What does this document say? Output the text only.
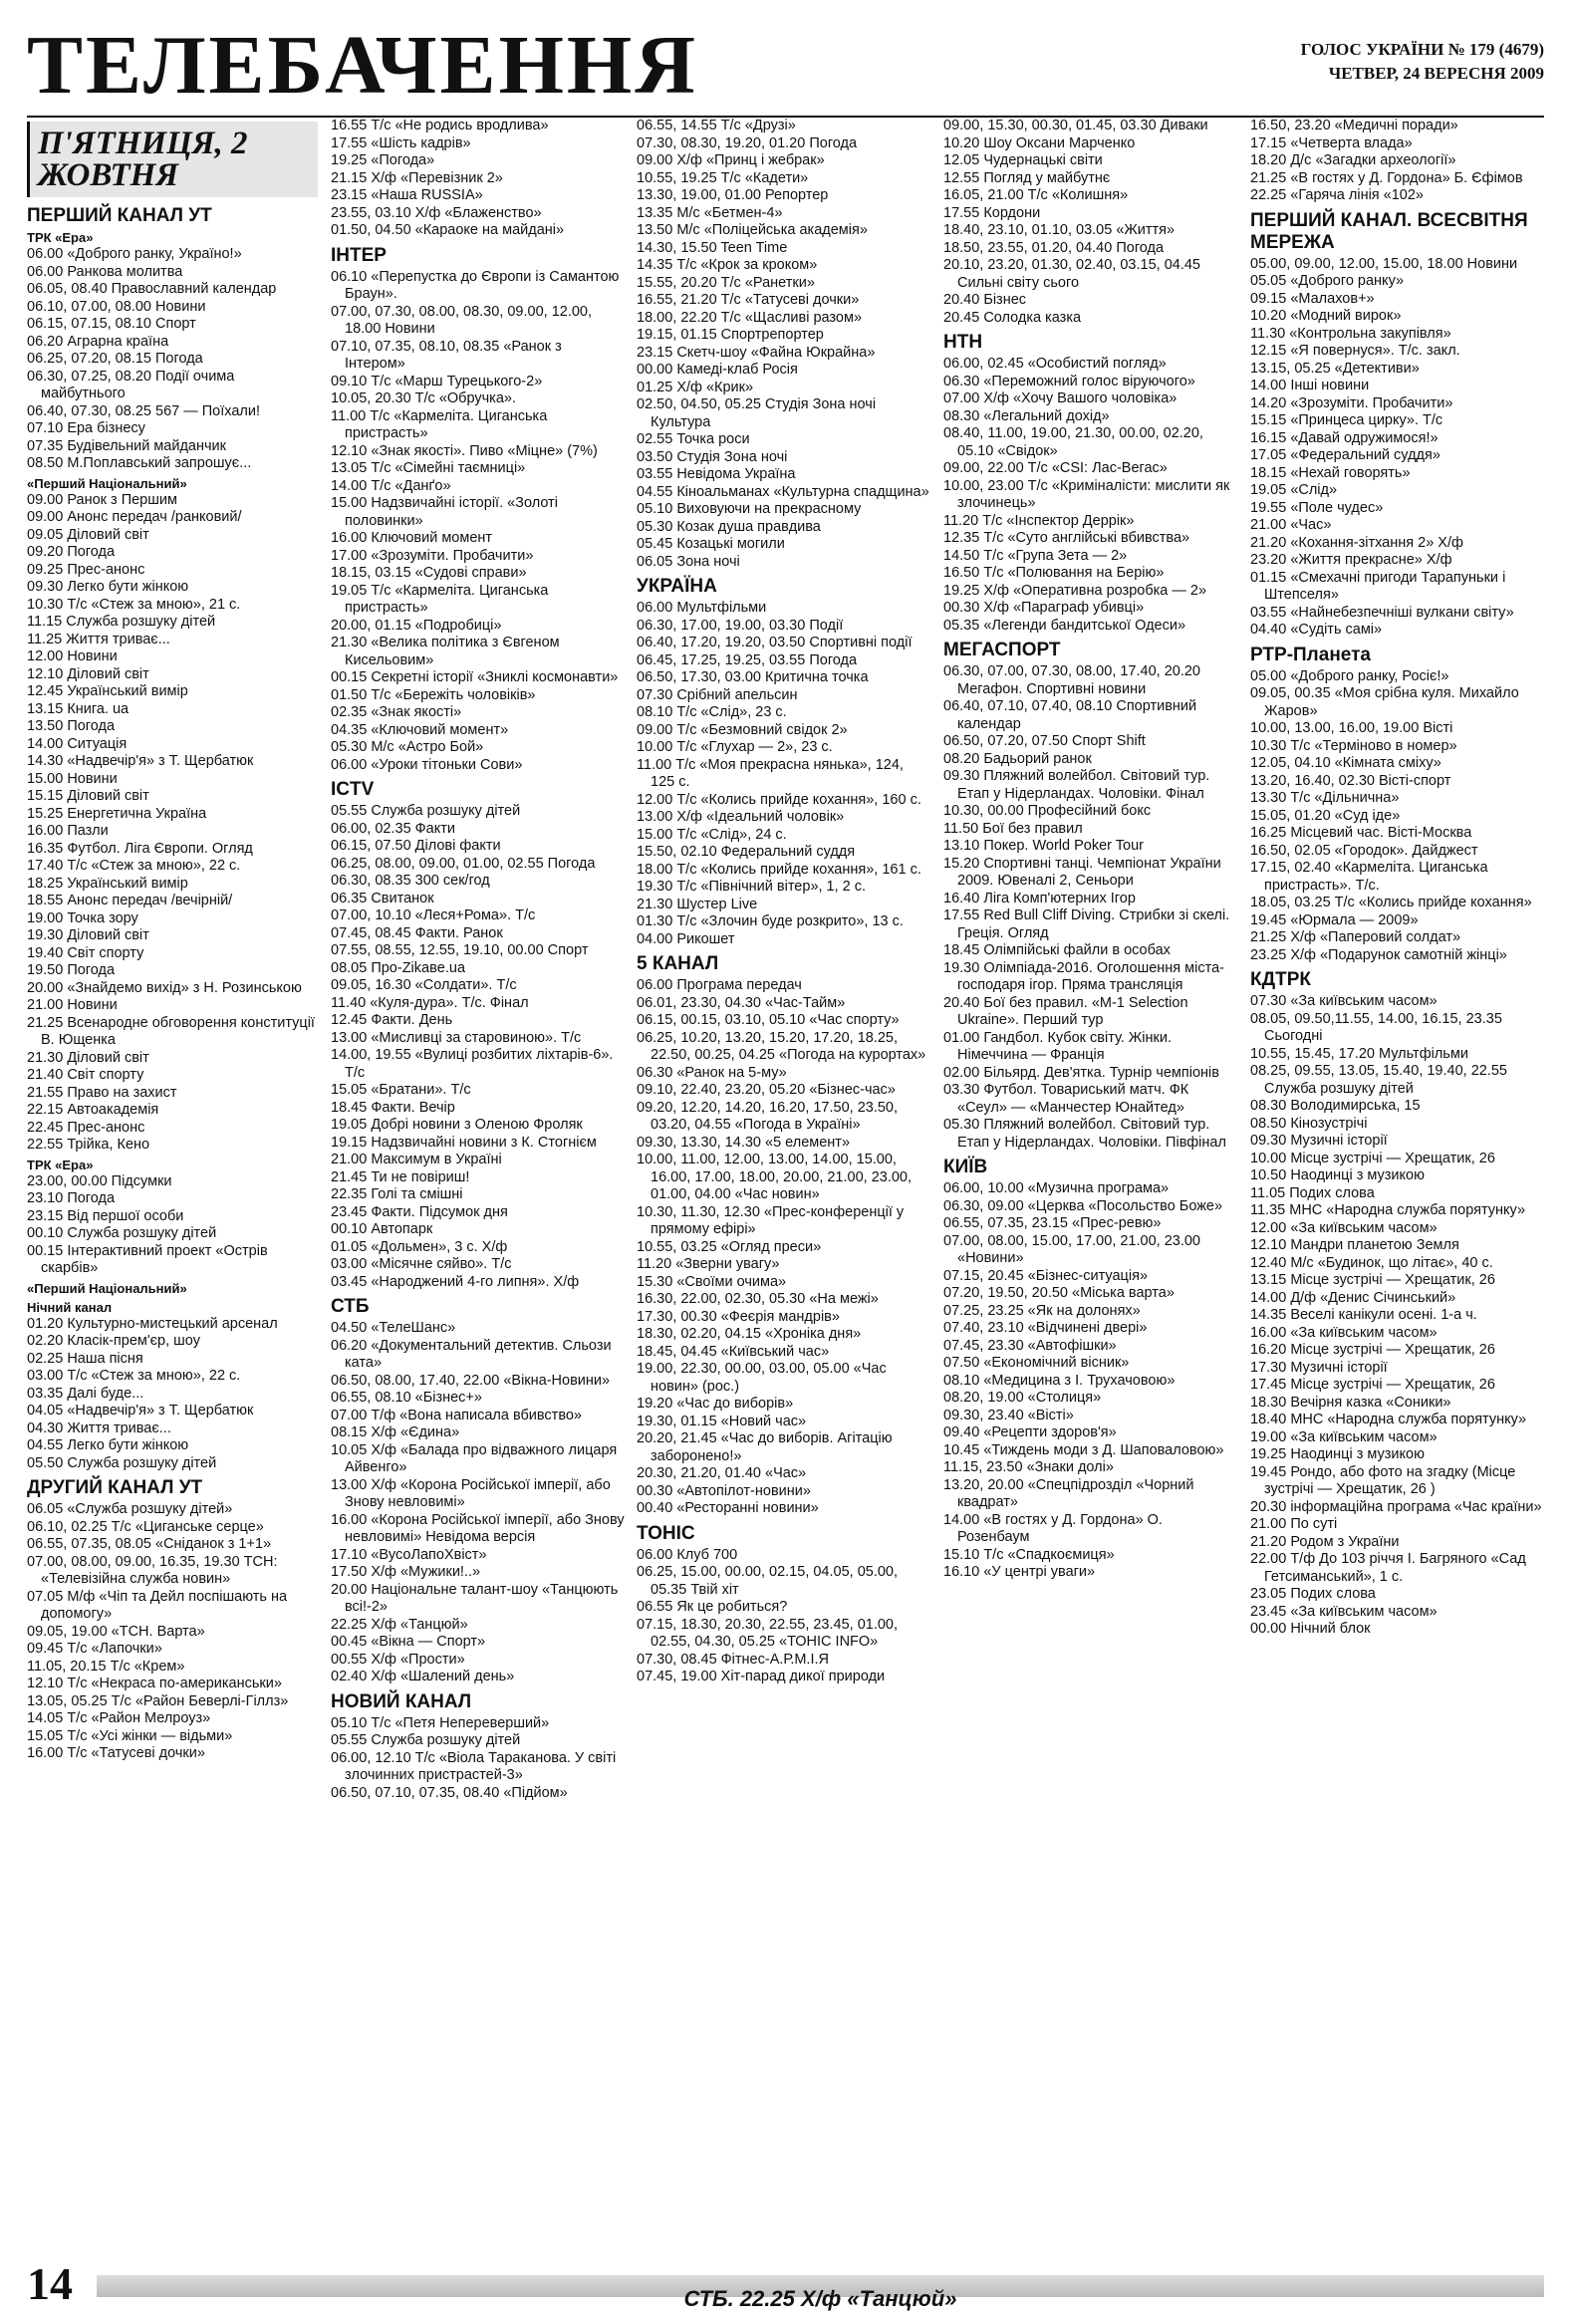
ТЕЛЕБАЧЕННЯ	ГОЛОС УКРАЇНИ № 179 (4679)
ЧЕТВЕР, 24 ВЕРЕСНЯ 2009
П'ЯТНИЦЯ, 2 ЖОВТНЯ
ПЕРШИЙ КАНАЛ УТ
ТРК «Ера»
06.00 «Доброго ранку, Україно!»
06.00 Ранкова молитва
06.05, 08.40 Православний календар
06.10, 07.00, 08.00 Новини
06.15, 07.15, 08.10 Спорт
06.20 Аграрна країна
06.25, 07.20, 08.15 Погода
06.30, 07.25, 08.20 Події очима майбутнього
06.40, 07.30, 08.25 567 — Поїхали!
07.10 Ера бізнесу
07.35 Будівельний майданчик
08.50 М.Поплавський запрошує...
«Перший Національний»
09.00 Ранок з Першим
09.00 Анонс передач /ранковий/
09.05 Діловий світ
09.20 Погода
09.25 Прес-анонс
09.30 Легко бути жінкою
10.30 Т/с «Стеж за мною», 21 с.
11.15 Служба розшуку дітей
11.25 Життя триває...
12.00 Новини
12.10 Діловий світ
12.45 Український вимір
13.15 Книга. ua
13.50 Погода
14.00 Ситуація
14.30 «Надвечір'я» з Т. Щербатюк
15.00 Новини
15.15 Діловий світ
15.25 Енергетична Україна
16.00 Пазли
16.35 Футбол. Ліга Європи. Огляд
17.40 Т/с «Стеж за мною», 22 с.
18.25 Український вимір
18.55 Анонс передач /вечірній/
19.00 Точка зору
19.30 Діловий світ
19.40 Світ спорту
19.50 Погода
20.00 «Знайдемо вихід» з Н. Розинською
21.00 Новини
21.25 Всенародне обговорення конституції В. Ющенка
21.30 Діловий світ
21.40 Світ спорту
21.55 Право на захист
22.15 Автоакадемія
22.45 Прес-анонс
22.55 Трійка, Кено
ТРК «Ера»
23.00, 00.00 Підсумки
23.10 Погода
23.15 Від першої особи
00.10 Служба розшуку дітей
00.15 Інтерактивний проект «Острів скарбів»
«Перший Національний»
Нічний канал
01.20 Культурно-мистецький арсенал
02.20 Класік-прем'єр, шоу
02.25 Наша пісня
03.00 Т/с «Стеж за мною», 22 с.
03.35 Далі буде...
04.05 «Надвечір'я» з Т. Щербатюк
04.30 Життя триває...
04.55 Легко бути жінкою
05.50 Служба розшуку дітей
ДРУГИЙ КАНАЛ УТ
06.05 «Служба розшуку дітей»
06.10, 02.25 Т/с «Циганське серце»
06.55, 07.35, 08.05 «Сніданок з 1+1»
07.00, 08.00, 09.00, 16.35, 19.30 ТСН: «Телевізійна служба новин»
07.05 М/ф «Чіп та Дейл поспішають на допомогу»
09.05, 19.00 «ТСН. Варта»
09.45 Т/с «Лапочки»
11.05, 20.15 Т/с «Крем»
12.10 Т/с «Некраса по-американськи»
13.05, 05.25 Т/с «Район Беверлі-Гіллз»
14.05 Т/с «Район Мелроуз»
15.05 Т/с «Усі жінки — відьми»
16.00 Т/с «Татусеві дочки»
16.55 Т/с «Не родись вродлива»
17.55 «Шість кадрів»
19.25 «Погода»
21.15 Х/ф «Перевізник 2»
23.15 «Наша RUSSIA»
23.55, 03.10 Х/ф «Блаженство»
01.50, 04.50 «Караоке на майдані»
ІНТЕР
06.10 «Перепустка до Європи із Самантою Браун».
07.00, 07.30, 08.00, 08.30, 09.00, 12.00, 18.00 Новини
07.10, 07.35, 08.10, 08.35 «Ранок з Інтером»
09.10 Т/с «Марш Турецького-2»
10.05, 20.30 Т/с «Обручка».
11.00 Т/с «Кармеліта. Циганська пристрасть»
12.10 «Знак якості». Пиво «Міцне» (7%)
13.05 Т/с «Сімейні таємниці»
14.00 Т/с «Данґо»
15.00 Надзвичайні історії. «Золоті половинки»
16.00 Ключовий момент
17.00 «Зрозуміти. Пробачити»
18.15, 03.15 «Судові справи»
19.05 Т/с «Кармеліта. Циганська пристрасть»
20.00, 01.15 «Подробиці»
21.30 «Велика політика з Євгеном Кисельовим»
00.15 Секретні історії «Зниклі космонавти»
01.50 Т/с «Бережіть чоловіків»
02.35 «Знак якості»
04.35 «Ключовий момент»
05.30 М/с «Астро Бой»
06.00 «Уроки тітоньки Сови»
ICTV
05.55 Служба розшуку дітей
06.00, 02.35 Факти
06.15, 07.50 Ділові факти
06.25, 08.00, 09.00, 01.00, 02.55 Погода
06.30, 08.35 300 сек/год
06.35 Свитанок
07.00, 10.10 «Леся+Рома». Т/с
07.45, 08.45 Факти. Ранок
07.55, 08.55, 12.55, 19.10, 00.00 Спорт
08.05 Про-Zikaвe.ua
09.05, 16.30 «Солдати». Т/с
11.40 «Куля-дура». Т/с. Фінал
12.45 Факти. День
13.00 «Мисливці за старовиною». Т/с
14.00, 19.55 «Вулиці розбитих ліхтарів-6». Т/с
15.05 «Братани». Т/с
18.45 Факти. Вечір
19.05 Добрі новини з Оленою Фроляк
19.15 Надзвичайні новини з К. Стогнієм
21.00 Максимум в Україні
21.45 Ти не повіриш!
22.35 Голі та смішні
23.45 Факти. Підсумок дня
00.10 Автопарк
01.05 «Дольмен», 3 с. Х/ф
03.00 «Місячне сяйво». Т/с
03.45 «Народжений 4-го липня». Х/ф
СТБ
04.50 «ТелеШанс»
06.20 «Документальний детектив. Сльози ката»
06.50, 08.00, 17.40, 22.00 «Вікна-Новини»
06.55, 08.10 «Бізнес+»
07.00 Т/ф «Вона написала вбивство»
08.15 Х/ф «Єдина»
10.05 Х/ф «Балада про відважного лицаря Айвенго»
13.00 Х/ф «Корона Російської імперії, або Знову невловимі»
16.00 «Корона Російської імперії, або Знову невловимі» Невідома версія
17.10 «ВусоЛапоХвіст»
17.50 Х/ф «Мужики!..»
20.00 Національне талант-шоу «Танцюють всі!-2»
22.25 Х/ф «Танцюй»
00.45 «Вікна — Спорт»
00.55 Х/ф «Прости»
02.40 Х/ф «Шалений день»
НОВИЙ КАНАЛ
05.10 Т/с «Петя Непереверший»
05.55 Служба розшуку дітей
06.00, 12.10 Т/с «Віола Тараканова. У світі злочинних пристрастей-3»
06.50, 07.10, 07.35, 08.40 «Підйом»
06.55, 14.55 Т/с «Друзі»
07.30, 08.30, 19.20, 01.20 Погода
09.00 Х/ф «Принц і жебрак»
10.55, 19.25 Т/с «Кадети»
13.30, 19.00, 01.00 Репортер
13.35 М/с «Бетмен-4»
13.50 М/с «Поліцейська академія»
14.30, 15.50 Teen Time
14.35 Т/с «Крок за кроком»
15.55, 20.20 Т/с «Ранетки»
16.55, 21.20 Т/с «Татусеві дочки»
18.00, 22.20 Т/с «Щасливі разом»
19.15, 01.15 Спортрепортер
23.15 Скетч-шоу «Файна Юкрайна»
00.00 Камеді-клаб Росія
01.25 Х/ф «Крик»
02.50, 04.50, 05.25 Студія Зона ночі Культура
02.55 Точка роси
03.50 Студія Зона ночі
03.55 Невідома Україна
04.55 Кіноальманах «Культурна спадщина»
05.10 Виховуючи на прекрасному
05.30 Козак душа правдива
05.45 Козацькі могили
06.05 Зона ночі
УКРАЇНА
06.00 Мультфільми
06.30, 17.00, 19.00, 03.30 Події
06.40, 17.20, 19.20, 03.50 Спортивні події
06.45, 17.25, 19.25, 03.55 Погода
06.50, 17.30, 03.00 Критична точка
07.30 Срібний апельсин
08.10 Т/с «Слід», 23 с.
09.00 Т/с «Безмовний свідок 2»
10.00 Т/с «Глухар — 2», 23 с.
11.00 Т/с «Моя прекрасна нянька», 124, 125 с.
12.00 Т/с «Колись прийде кохання», 160 с.
13.00 Х/ф «Ідеальний чоловік»
15.00 Т/с «Слід», 24 с.
15.50, 02.10 Федеральний суддя
18.00 Т/с «Колись прийде кохання», 161 с.
19.30 Т/с «Північний вітер», 1, 2 с.
21.30 Шустер Live
01.30 Т/с «Злочин буде розкрито», 13 с.
04.00 Рикошет
5 КАНАЛ
06.00 Програма передач
06.01, 23.30, 04.30 «Час-Тайм»
06.15, 00.15, 03.10, 05.10 «Час спорту»
06.25, 10.20, 13.20, 15.20, 17.20, 18.25, 22.50, 00.25, 04.25 «Погода на курортах»
06.30 «Ранок на 5-му»
09.10, 22.40, 23.20, 05.20 «Бізнес-час»
09.20, 12.20, 14.20, 16.20, 17.50, 23.50, 03.20, 04.55 «Погода в Україні»
09.30, 13.30, 14.30 «5 елемент»
10.00, 11.00, 12.00, 13.00, 14.00, 15.00, 16.00, 17.00, 18.00, 20.00, 21.00, 23.00, 01.00, 04.00 «Час новин»
10.30, 11.30, 12.30 «Прес-конференції у прямому ефірі»
10.55, 03.25 «Огляд преси»
11.20 «Зверни увагу»
15.30 «Своїми очима»
16.30, 22.00, 02.30, 05.30 «На межі»
17.30, 00.30 «Феєрія мандрів»
18.30, 02.20, 04.15 «Хроніка дня»
18.45, 04.45 «Київський час»
19.00, 22.30, 00.00, 03.00, 05.00 «Час новин» (рос.)
19.20 «Час до виборів»
19.30, 01.15 «Новий час»
20.20, 21.45 «Час до виборів. Агітацію заборонено!»
20.30, 21.20, 01.40 «Час»
00.30 «Автопілот-новини»
00.40 «Ресторанні новини»
ТОНІС
06.00 Клуб 700
06.25, 15.00, 00.00, 02.15, 04.05, 05.00, 05.35 Твій хіт
06.55 Як це робиться?
07.15, 18.30, 20.30, 22.55, 23.45, 01.00, 02.55, 04.30, 05.25 «ТОНІС INFO»
07.30, 08.45 Фітнес-А.Р.М.І.Я
07.45, 19.00 Хіт-парад дикої природи
09.00, 15.30, 00.30, 01.45, 03.30 Диваки
10.20 Шоу Оксани Марченко
12.05 Чудернацькі світи
12.55 Погляд у майбутнє
16.05, 21.00 Т/с «Колишня»
17.55 Кордони
18.40, 23.10, 01.10, 03.05 «Життя»
18.50, 23.55, 01.20, 04.40 Погода
20.10, 23.20, 01.30, 02.40, 03.15, 04.45 Сильні світу сього
20.40 Бізнес
20.45 Солодка казка
НТН
06.00, 02.45 «Особистий погляд»
06.30 «Переможний голос віруючого»
07.00 Х/ф «Хочу Вашого чоловіка»
08.30 «Легальний дохід»
08.40, 11.00, 19.00, 21.30, 00.00, 02.20, 05.10 «Свідок»
09.00, 22.00 Т/с «CSI: Лас-Вегас»
10.00, 23.00 Т/с «Криміналісти: мислити як злочинець»
11.20 Т/с «Інспектор Деррік»
12.35 Т/с «Суто англійські вбивства»
14.50 Т/с «Група Зета — 2»
16.50 Т/с «Полювання на Берію»
19.25 Х/ф «Оперативна розробка — 2»
00.30 Х/ф «Параграф убивці»
05.35 «Легенди бандитської Одеси»
МЕГАСПОРТ
06.30, 07.00, 07.30, 08.00, 17.40, 20.20 Мегафон. Спортивні новини
06.40, 07.10, 07.40, 08.10 Спортивний календар
06.50, 07.20, 07.50 Спорт Shift
08.20 Бадьорий ранок
09.30 Пляжний волейбол. Світовий тур. Етап у Нідерландах. Чоловіки. Фінал
10.30, 00.00 Професійний бокс
11.50 Бої без правил
13.10 Покер. World Poker Tour
15.20 Спортивні танці. Чемпіонат України 2009. Ювеналі 2, Сеньори
16.40 Ліга Комп'ютерних Ігор
17.55 Red Bull Cliff Diving. Стрибки зі скелі. Греція. Огляд
18.45 Олімпійські файли в особах
19.30 Олімпіада-2016. Оголошення міста-господаря ігор. Пряма трансляція
20.40 Бої без правил. «М-1 Selection Ukraine». Перший тур
01.00 Гандбол. Кубок світу. Жінки. Німеччина — Франція
02.00 Більярд. Дев'ятка. Турнір чемпіонів
03.30 Футбол. Товариський матч. ФК «Сеул» — «Манчестер Юнайтед»
05.30 Пляжний волейбол. Світовий тур. Етап у Нідерландах. Чоловіки. Півфінал
КИЇВ
06.00, 10.00 «Музична програма»
06.30, 09.00 «Церква «Посольство Боже»
06.55, 07.35, 23.15 «Прес-ревю»
07.00, 08.00, 15.00, 17.00, 21.00, 23.00 «Новини»
07.15, 20.45 «Бізнес-ситуація»
07.20, 19.50, 20.50 «Міська варта»
07.25, 23.25 «Як на долонях»
07.40, 23.10 «Відчинені двері»
07.45, 23.30 «Автофішки»
07.50 «Економічний вісник»
08.10 «Медицина з І. Трухачовою»
08.20, 19.00 «Столиця»
09.30, 23.40 «Вісті»
09.40 «Рецепти здоров'я»
10.45 «Тиждень моди з Д. Шаповаловою»
11.15, 23.50 «Знаки долі»
13.20, 20.00 «Спецпідрозділ «Чорний квадрат»
14.00 «В гостях у Д. Гордона» О. Розенбаум
15.10 Т/с «Спадкоємиця»
16.10 «У центрі уваги»
16.50, 23.20 «Медичні поради»
17.15 «Четверта влада»
18.20 Д/с «Загадки археології»
21.25 «В гостях у Д. Гордона» Б. Єфімов
22.25 «Гаряча лінія «102»
ПЕРШИЙ КАНАЛ. ВСЕСВІТНЯ МЕРЕЖА
05.00, 09.00, 12.00, 15.00, 18.00 Новини
05.05 «Доброго ранку»
09.15 «Малахов+»
10.20 «Модний вирок»
11.30 «Контрольна закупівля»
12.15 «Я повернуся». Т/с. закл.
13.15, 05.25 «Детективи»
14.00 Інші новини
14.20 «Зрозуміти. Пробачити»
15.15 «Принцеса цирку». Т/с
16.15 «Давай одружимося!»
17.05 «Федеральний суддя»
18.15 «Нехай говорять»
19.05 «Слід»
19.55 «Поле чудес»
21.00 «Час»
21.20 «Кохання-зітхання 2» Х/ф
23.20 «Життя прекрасне» Х/ф
01.15 «Смехачні пригоди Тарапуньки і Штепселя»
03.55 «Найнебезпечніші вулкани світу»
04.40 «Судіть самі»
РТР-Планета
05.00 «Доброго ранку, Росіє!»
09.05, 00.35 «Моя срібна куля. Михайло Жаров»
10.00, 13.00, 16.00, 19.00 Вісті
10.30 Т/с «Терміново в номер»
12.05, 04.10 «Кімната сміху»
13.20, 16.40, 02.30 Вісті-спорт
13.30 Т/с «Дільнична»
15.05, 01.20 «Суд іде»
16.25 Місцевий час. Вісті-Москва
16.50, 02.05 «Городок». Дайджест
17.15, 02.40 «Кармеліта. Циганська пристрасть». Т/с.
18.05, 03.25 Т/с «Колись прийде кохання»
19.45 «Юрмала — 2009»
21.25 Х/ф «Паперовий солдат»
23.25 Х/ф «Подарунок самотній жінці»
КДТРК
07.30 «За київським часом»
08.05, 09.50,11.55, 14.00, 16.15, 23.35 Сьогодні
10.55, 15.45, 17.20 Мультфільми
08.25, 09.55, 13.05, 15.40, 19.40, 22.55 Служба розшуку дітей
08.30 Володимирська, 15
08.50 Кінозустрічі
09.30 Музичні історії
10.00 Місце зустрічі — Хрещатик, 26
10.50 Наодинці з музикою
11.05 Подих слова
11.35 МНС «Народна служба порятунку»
12.00 «За київським часом»
12.10 Мандри планетою Земля
12.40 М/с «Будинок, що літає», 40 с.
13.15 Місце зустрічі — Хрещатик, 26
14.00 Д/ф «Денис Січинський»
14.35 Веселі канікули осені. 1-а ч.
16.00 «За київським часом»
16.20 Місце зустрічі — Хрещатик, 26
17.30 Музичні історії
17.45 Місце зустрічі — Хрещатик, 26
18.30 Вечірня казка «Соники»
18.40 МНС «Народна служба порятунку»
19.00 «За київським часом»
19.25 Наодинці з музикою
19.45 Рондо, або фото на згадку (Місце зустрічі — Хрещатик, 26 )
20.30 інформаційна програма «Час країни»
21.00 По суті
21.20 Родом з України
22.00 Т/ф До 103 річчя І. Багряного «Сад Гетсиманський», 1 с.
23.05 Подих слова
23.45 «За київським часом»
00.00 Нічний блок
14	СТБ. 22.25 Х/ф «Танцюй»
